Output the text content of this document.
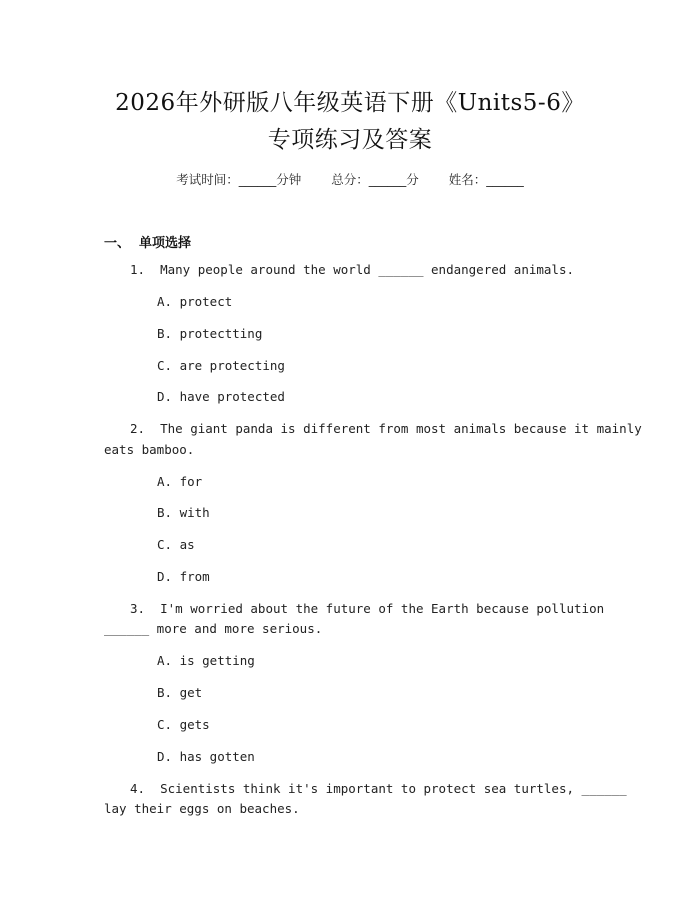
2026年外研版八年级英语下册《Units5-6》
专项练习及答案
考试时间：______分钟 总分：______分 姓名：______
一、  单项选择
1.  Many people around the world ______ endangered animals.
A. protect
B. protectting
C. are protecting
D. have protected
2.  The giant panda is different from most animals because it mainly
eats bamboo.
A. for
B. with
C. as
D. from
3.  I'm worried about the future of the Earth because pollution
______ more and more serious.
A. is getting
B. get
C. gets
D. has gotten
4.  Scientists think it's important to protect sea turtles, ______
lay their eggs on beaches.
